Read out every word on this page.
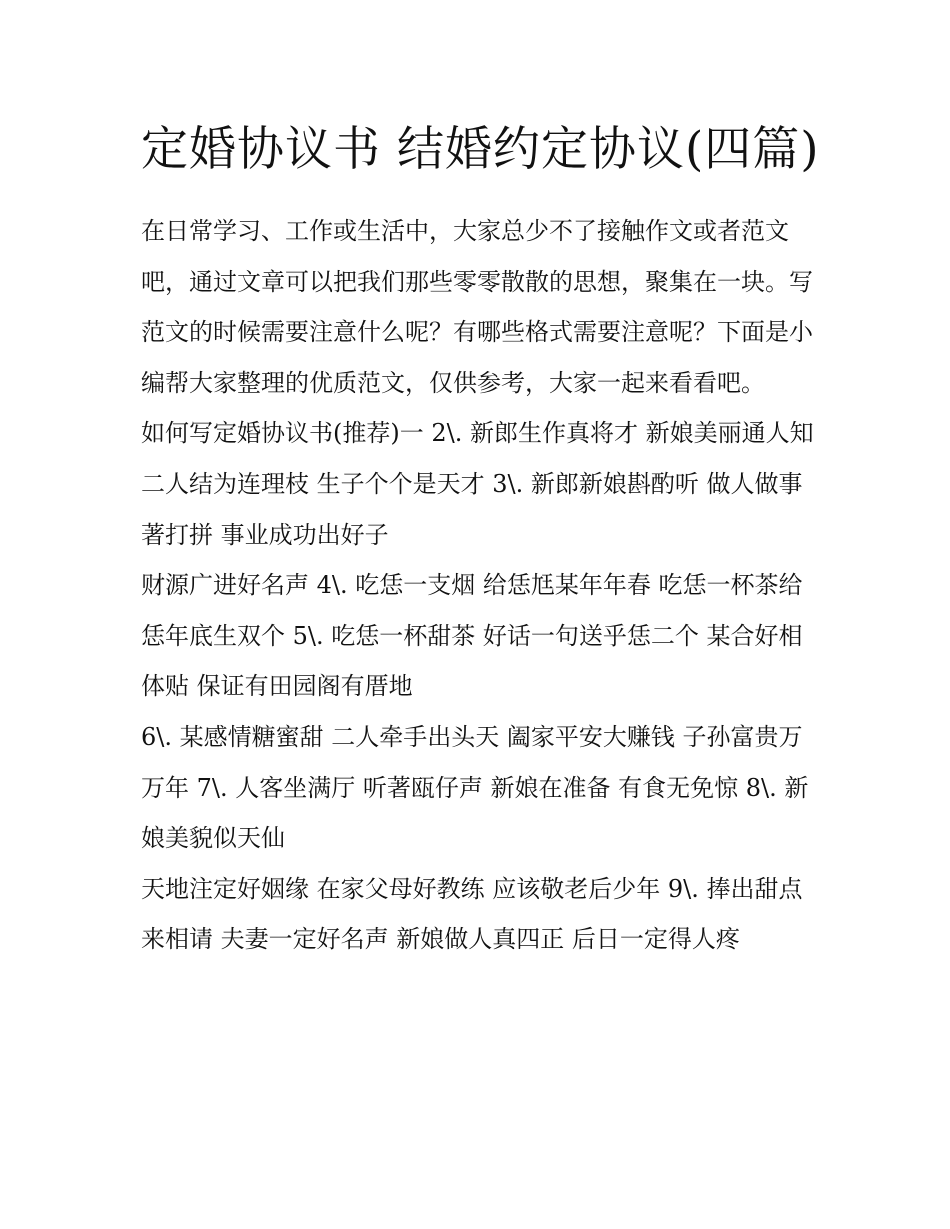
定婚协议书 结婚约定协议(四篇)

在日常学习、工作或生活中，大家总少不了接触作文或者范文吧，通过文章可以把我们那些零零散散的思想，聚集在一块。写范文的时候需要注意什么呢？有哪些格式需要注意呢？下面是小编帮大家整理的优质范文，仅供参考，大家一起来看看吧。

如何写定婚协议书(推荐)一 2\. 新郎生作真将才 新娘美丽通人知 二人结为连理枝 生子个个是天才 3\. 新郎新娘斟酌听 做人做事著打拼 事业成功出好子

财源广进好名声 4\. 吃恁一支烟 给恁尪某年年春 吃恁一杯茶给恁年底生双个 5\. 吃恁一杯甜茶 好话一句送乎恁二个 某合好相体贴 保证有田园阁有厝地

6\. 某感情糖蜜甜 二人牵手出头天 阖家平安大赚钱 子孙富贵万万年 7\. 人客坐满厅 听著瓯仔声 新娘在准备 有食无免惊 8\. 新娘美貌似天仙

天地注定好姻缘 在家父母好教练 应该敬老后少年 9\. 捧出甜点来相请 夫妻一定好名声 新娘做人真四正 后日一定得人疼
